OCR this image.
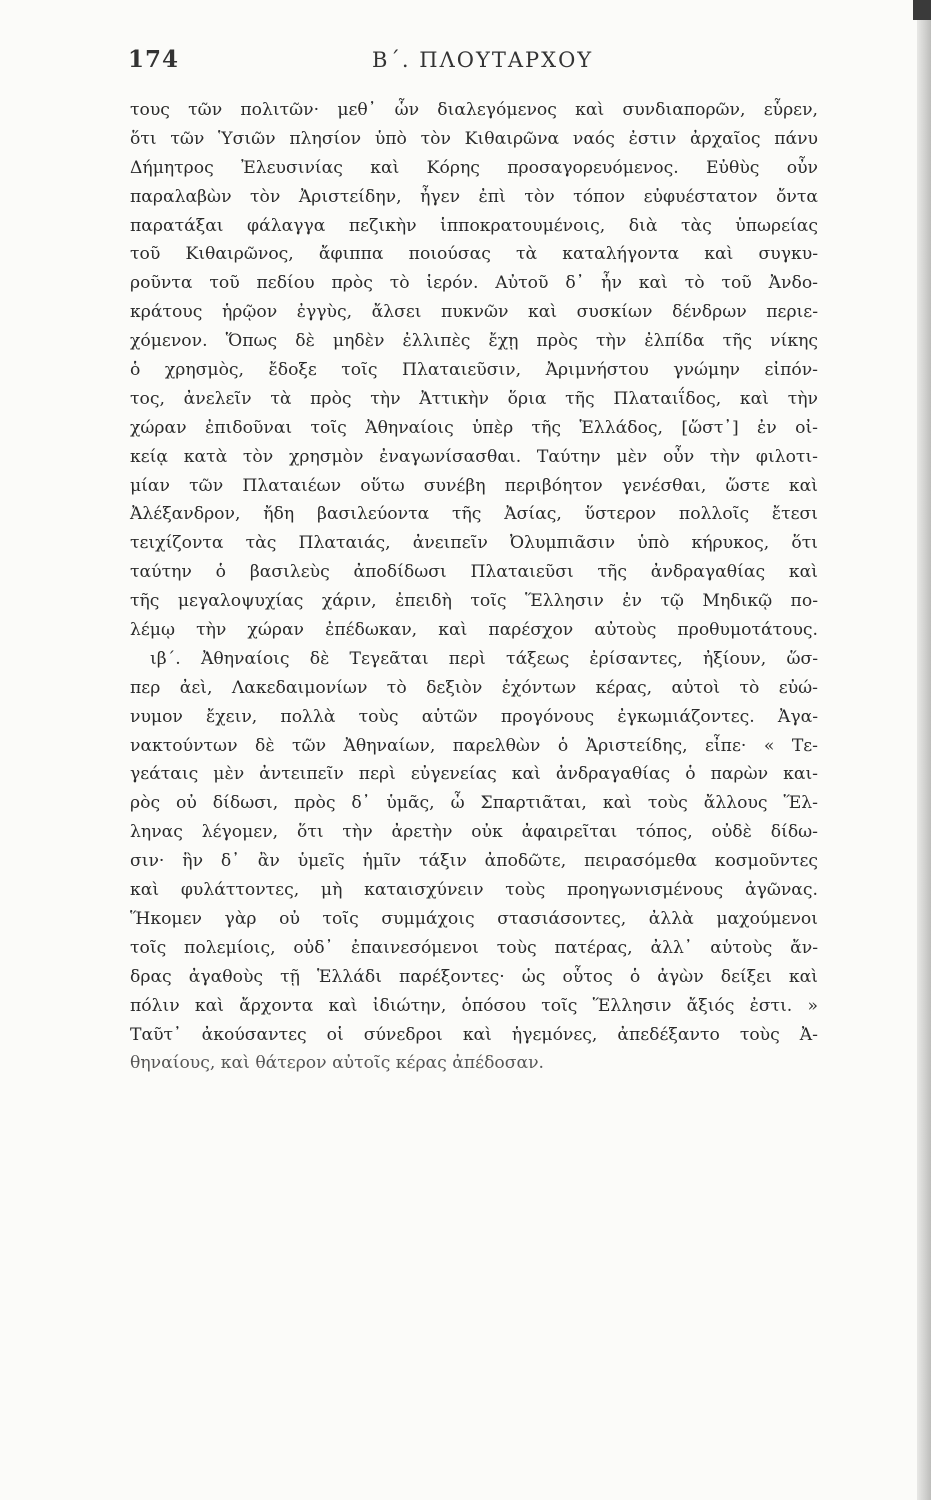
174	Β΄. ΠΛΟΥΤΑΡΧΟΥ
τους τῶν πολιτῶν· μεθ᾿ ὧν διαλεγόμενος καὶ συνδιαπορῶν, εὗρεν,
ὅτι τῶν Ὑσιῶν πλησίον ὑπὸ τὸν Κιθαιρῶνα ναός ἐστιν ἀρχαῖος πάνυ
Δήμητρος Ἐλευσινίας καὶ Κόρης προσαγορευόμενος. Εὐθὺς οὖν
παραλαβὼν τὸν Ἀριστείδην, ἦγεν ἐπὶ τὸν τόπον εὐφυέστατον ὄντα
παρατάξαι φάλαγγα πεζικὴν ἱπποκρατουμένοις, διὰ τὰς ὑπωρείας
τοῦ Κιθαιρῶνος, ἄφιππα ποιούσας τὰ καταλήγοντα καὶ συγκυ-
ροῦντα τοῦ πεδίου πρὸς τὸ ἱερόν. Αὐτοῦ δ᾿ ἦν καὶ τὸ τοῦ Ἀνδο-
κράτους ἡρῷον ἐγγὺς, ἄλσει πυκνῶν καὶ συσκίων δένδρων περιε-
χόμενον. Ὅπως δὲ μηδὲν ἐλλιπὲς ἔχῃ πρὸς τὴν ἐλπίδα τῆς νίκης
ὁ χρησμὸς, ἔδοξε τοῖς Πλαταιεῦσιν, Ἀριμνήστου γνώμην εἰπόν-
τος, ἀνελεῖν τὰ πρὸς τὴν Ἀττικὴν ὅρια τῆς Πλαταιΐδος, καὶ τὴν
χώραν ἐπιδοῦναι τοῖς Ἀθηναίοις ὑπὲρ τῆς Ἑλλάδος, [ὥστ᾿] ἐν οἰ-
κείᾳ κατὰ τὸν χρησμὸν ἐναγωνίσασθαι. Ταύτην μὲν οὖν τὴν φιλοτι-
μίαν τῶν Πλαταιέων οὕτω συνέβη περιβόητον γενέσθαι, ὥστε καὶ
Ἀλέξανδρον, ἤδη βασιλεύοντα τῆς Ἀσίας, ὕστερον πολλοῖς ἔτεσι
τειχίζοντα τὰς Πλαταιάς, ἀνειπεῖν Ὀλυμπιᾶσιν ὑπὸ κήρυκος, ὅτι
ταύτην ὁ βασιλεὺς ἀποδίδωσι Πλαταιεῦσι τῆς ἀνδραγαθίας καὶ
τῆς μεγαλοψυχίας χάριν, ἐπειδὴ τοῖς Ἕλλησιν ἐν τῷ Μηδικῷ πο-
λέμῳ τὴν χώραν ἐπέδωκαν, καὶ παρέσχον αὐτοὺς προθυμοτάτους.
ιβ΄. Ἀθηναίοις δὲ Τεγεᾶται περὶ τάξεως ἐρίσαντες, ἠξίουν, ὥσ-
περ ἀεὶ, Λακεδαιμονίων τὸ δεξιὸν ἐχόντων κέρας, αὐτοὶ τὸ εὐώ-
νυμον ἔχειν, πολλὰ τοὺς αὑτῶν προγόνους ἐγκωμιάζοντες. Ἀγα-
νακτούντων δὲ τῶν Ἀθηναίων, παρελθὼν ὁ Ἀριστείδης, εἶπε· « Τε-
γεάταις μὲν ἀντειπεῖν περὶ εὐγενείας καὶ ἀνδραγαθίας ὁ παρὼν και-
ρὸς οὐ δίδωσι, πρὸς δ᾿ ὑμᾶς, ὦ Σπαρτιᾶται, καὶ τοὺς ἄλλους Ἕλ-
ληνας λέγομεν, ὅτι τὴν ἀρετὴν οὐκ ἀφαιρεῖται τόπος, οὐδὲ δίδω-
σιν· ἣν δ᾿ ἂν ὑμεῖς ἡμῖν τάξιν ἀποδῶτε, πειρασόμεθα κοσμοῦντες
καὶ φυλάττοντες, μὴ καταισχύνειν τοὺς προηγωνισμένους ἀγῶνας.
Ἥκομεν γὰρ οὐ τοῖς συμμάχοις στασιάσοντες, ἀλλὰ μαχούμενοι
τοῖς πολεμίοις, οὐδ᾿ ἐπαινεσόμενοι τοὺς πατέρας, ἀλλ᾿ αὑτοὺς ἄν-
δρας ἀγαθοὺς τῇ Ἑλλάδι παρέξοντες· ὡς οὗτος ὁ ἀγὼν δείξει καὶ
πόλιν καὶ ἄρχοντα καὶ ἰδιώτην, ὁπόσου τοῖς Ἕλλησιν ἄξιός ἐστι. »
Ταῦτ᾿ ἀκούσαντες οἱ σύνεδροι καὶ ἡγεμόνες, ἀπεδέξαντο τοὺς Ἀ-
θηναίους, καὶ θάτερον αὐτοῖς κέρας ἀπέδοσαν.
